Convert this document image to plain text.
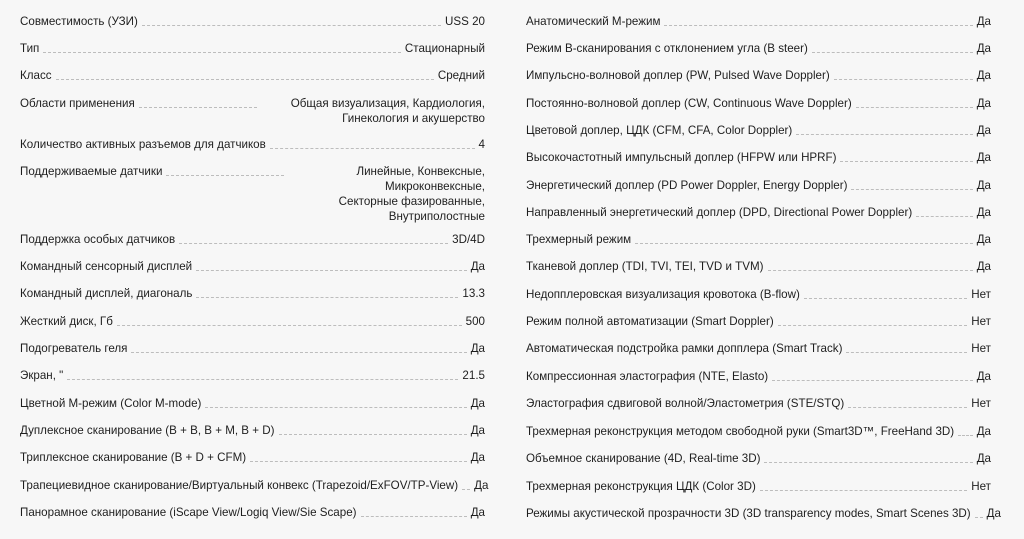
Совместимость (УЗИ)	USS 20
Тип	Стационарный
Класс	Средний
Области применения	Общая визуализация, Кардиология,
Гинекология и акушерство
Количество активных разъемов для датчиков	4
Поддерживаемые датчики	Линейные, Конвексные,
Микроконвексные,
Секторные фазированные,
Внутриполостные
Поддержка особых датчиков	3D/4D
Командный сенсорный дисплей	Да
Командный дисплей, диагональ	13.3
Жесткий диск, Гб	500
Подогреватель геля	Да
Экран, "	21.5
Цветной M-режим (Color M-mode)	Да
Дуплексное сканирование (B + B, B + M, B + D)	Да
Триплексное сканирование (B + D + CFM)	Да
Трапециевидное сканирование/Виртуальный конвекс (Trapezoid/ExFOV/TP-View) Да
Панорамное сканирование (iScape View/Logiq View/Sie Scape)	Да
Анатомический M-режим	Да
Режим B-сканирования с отклонением угла (B steer)	Да
Импульсно-волновой доплер (PW, Pulsed Wave Doppler)	Да
Постоянно-волновой доплер (CW, Continuous Wave Doppler)	Да
Цветовой доплер, ЦДК (CFM, CFA, Color Doppler)	Да
Высокочастотный импульсный доплер (HFPW или HPRF)	Да
Энергетический доплер (PD Power Doppler, Energy Doppler)	Да
Направленный энергетический доплер (DPD, Directional Power Doppler)	Да
Трехмерный режим	Да
Тканевой доплер (TDI, TVI, TEI, TVD и TVM)	Да
Недопплеровская визуализация кровотока (B-flow)	Нет
Режим полной автоматизации (Smart Doppler)	Нет
Автоматическая подстройка рамки допплера (Smart Track)	Нет
Компрессионная эластография (NTE, Elasto)	Да
Эластография сдвиговой волной/Эластометрия (STE/STQ)	Нет
Трехмерная реконструкция методом свободной руки (Smart3D™, FreeHand 3D) Да
Объемное сканирование (4D, Real-time 3D)	Да
Трехмерная реконструкция ЦДК (Color 3D)	Нет
Режимы акустической прозрачности 3D (3D transparency modes, Smart Scenes 3D) Да
